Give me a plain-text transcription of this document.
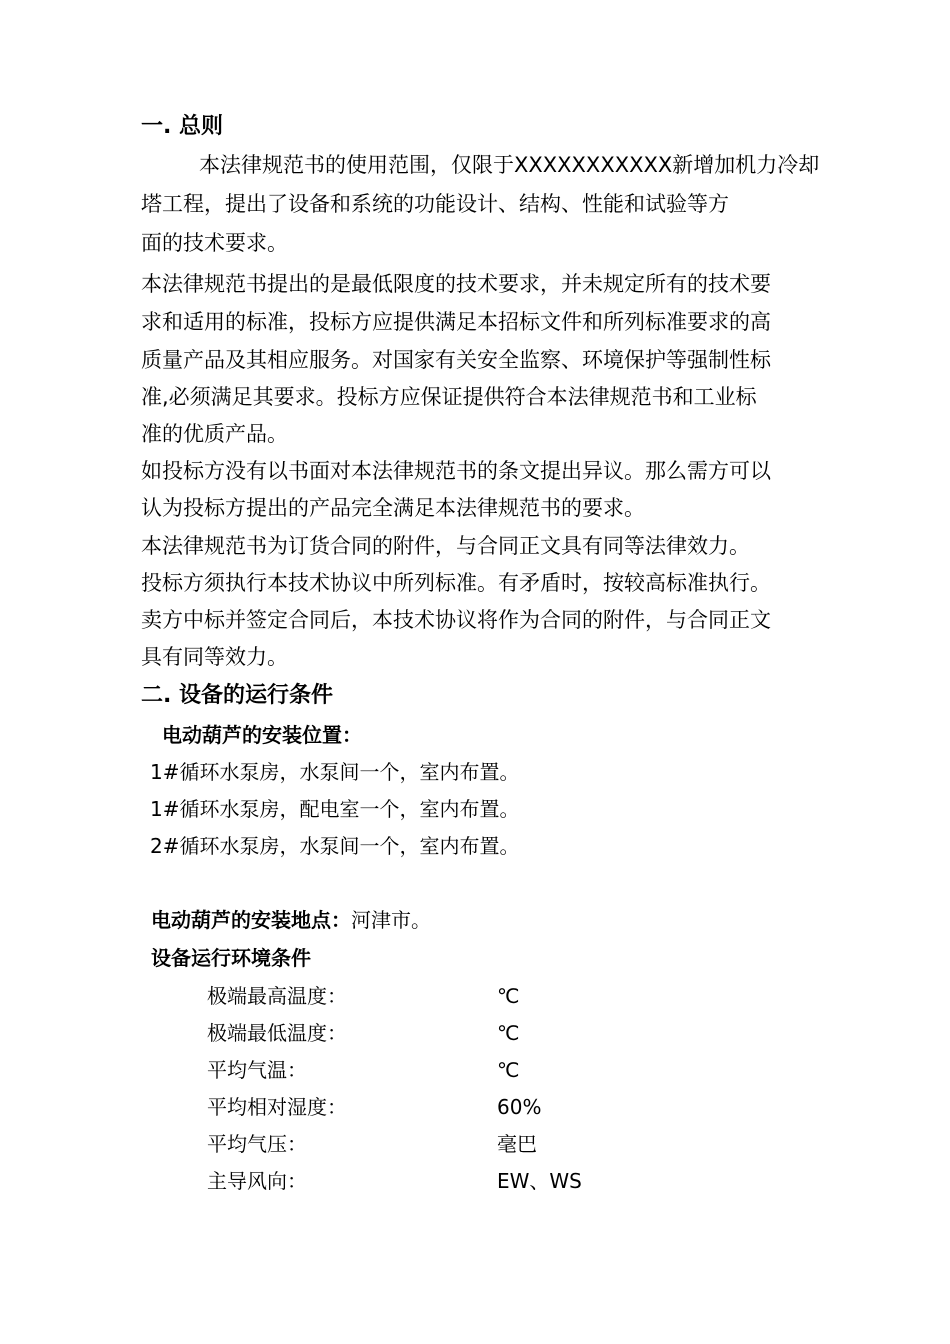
一. 总则
本法律规范书的使用范围，仅限于XXXXXXXXXXX新增加机力冷却
塔工程，提出了设备和系统的功能设计、结构、性能和试验等方
面的技术要求。
本法律规范书提出的是最低限度的技术要求，并未规定所有的技术要
求和适用的标准，投标方应提供满足本招标文件和所列标准要求的高
质量产品及其相应服务。对国家有关安全监察、环境保护等强制性标
准,必须满足其要求。投标方应保证提供符合本法律规范书和工业标
准的优质产品。
如投标方没有以书面对本法律规范书的条文提出异议。那么需方可以
认为投标方提出的产品完全满足本法律规范书的要求。
本法律规范书为订货合同的附件，与合同正文具有同等法律效力。
投标方须执行本技术协议中所列标准。有矛盾时，按较高标准执行。
卖方中标并签定合同后，本技术协议将作为合同的附件，与合同正文
具有同等效力。
二. 设备的运行条件
电动葫芦的安装位置：
1#循环水泵房，水泵间一个，室内布置。
1#循环水泵房，配电室一个，室内布置。
2#循环水泵房，水泵间一个，室内布置。
电动葫芦的安装地点：河津市。
设备运行环境条件
极端最高温度：	℃
极端最低温度：	℃
平均气温：	℃
平均相对湿度：	60%
平均气压：	毫巴
主导风向：	EW、WS
